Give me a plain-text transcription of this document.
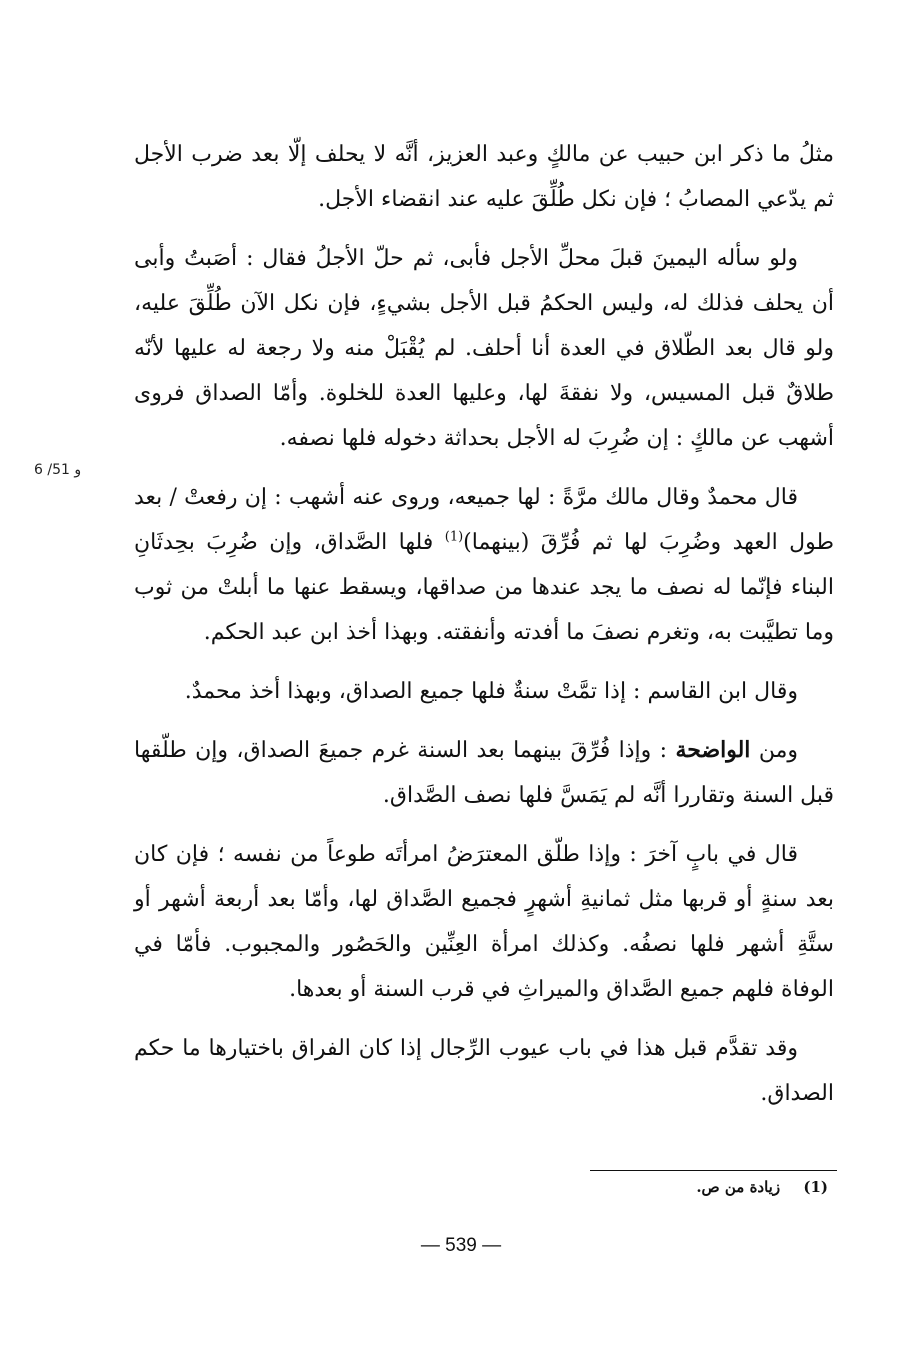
مثلُ ما ذكر ابن حبيب عن مالكٍ وعبد العزيز، أنَّه لا يحلف إلّا بعد ضرب الأجل ثم يدّعي المصابُ ؛ فإن نكل طُلِّقَ عليه عند انقضاء الأجل.

ولو سأله اليمينَ قبلَ محلِّ الأجل فأبى، ثم حلّ الأجلُ فقال : أصَبتُ وأبى أن يحلف فذلك له، وليس الحكمُ قبل الأجل بشيءٍ، فإن نكل الآن طُلِّقَ عليه، ولو قال بعد الطّلاق في العدة أنا أحلف. لم يُقْبَلْ منه ولا رجعة له عليها لأنّه طلاقٌ قبل المسيس، ولا نفقةَ لها، وعليها العدة للخلوة. وأمّا الصداق فروى أشهب عن مالكٍ : إن ضُرِبَ له الأجل بحداثة دخوله فلها نصفه.

قال محمدٌ وقال مالك مرَّةً : لها جميعه، وروى عنه أشهب : إن رفعتْ / بعد طول العهد وضُرِبَ لها ثم فُرِّقَ (بينهما)$^{(1)}$ فلها الصَّداق، وإن ضُرِبَ بحِدثَانِ البناء فإنّما له نصف ما يجد عندها من صداقها، ويسقط عنها ما أبلتْ من ثوب وما تطيَّبت به، وتغرم نصفَ ما أفدته وأنفقته. وبهذا أخذ ابن عبد الحكم.

وقال ابن القاسم : إذا تمَّتْ سنةٌ فلها جميع الصداق، وبهذا أخذ محمدٌ.

ومن الواضحة : وإذا فُرِّقَ بينهما بعد السنة غرم جميعَ الصداق، وإن طلّقها قبل السنة وتقاررا أنَّه لم يَمَسَّ فلها نصف الصَّداق.

قال في بابٍ آخرَ : وإذا طلّق المعترَضُ امرأتَه طوعاً من نفسه ؛ فإن كان بعد سنةٍ أو قربها مثل ثمانيةِ أشهرٍ فجميع الصَّداق لها، وأمّا بعد أربعة أشهر أو ستَّةِ أشهر فلها نصفُه. وكذلك امرأة العِنِّين والحَصُور والمجبوب. فأمّا في الوفاة فلهم جميع الصَّداق والميراثِ في قرب السنة أو بعدها.

وقد تقدَّم قبل هذا في باب عيوب الرِّجال إذا كان الفراق باختيارها ما حكم الصداق.

6 /51 و
(1) زيادة من ص.
— 539 —
